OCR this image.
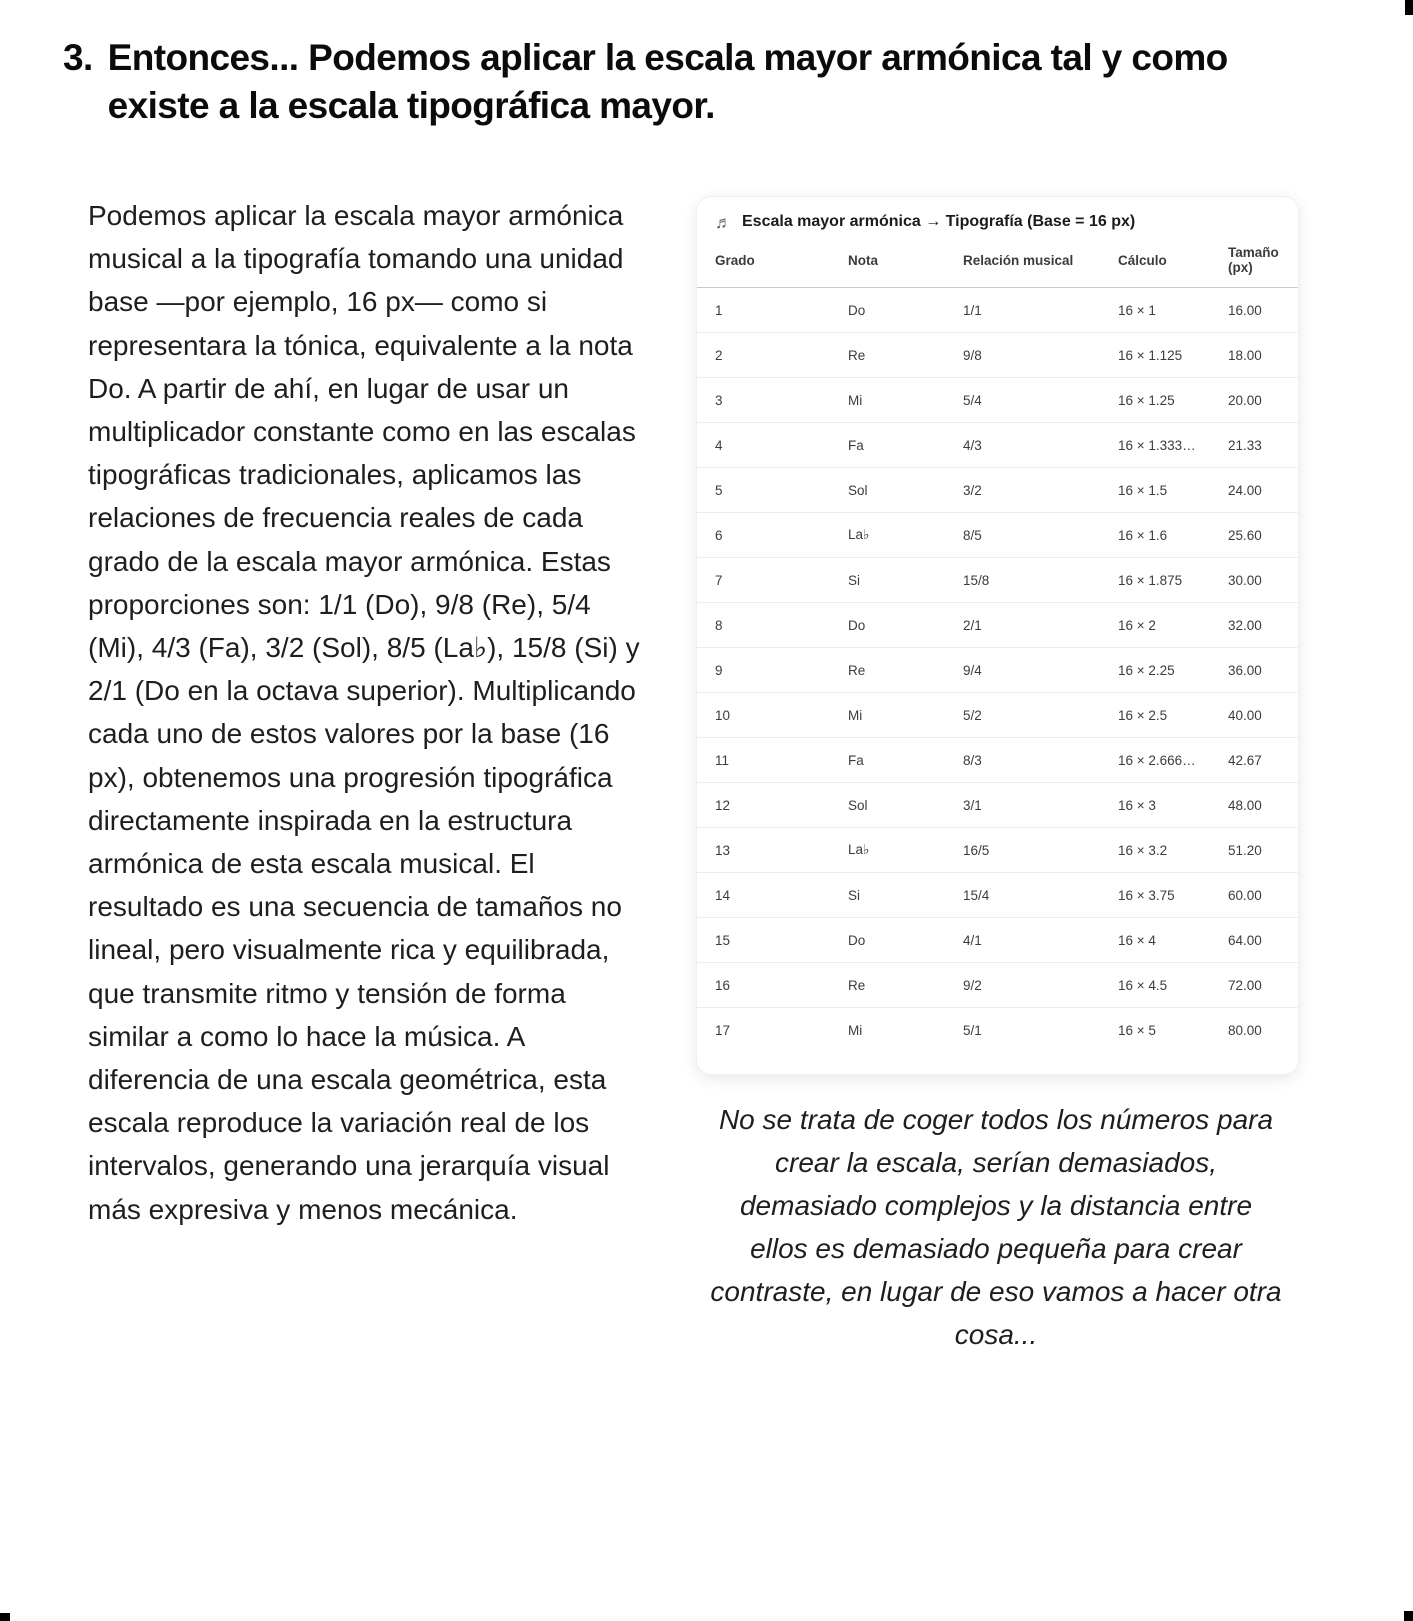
3. Entonces... Podemos aplicar la escala mayor armónica tal y como existe a la escala tipográfica mayor.
Podemos aplicar la escala mayor armónica musical a la tipografía tomando una unidad base —por ejemplo, 16 px— como si representara la tónica, equivalente a la nota Do. A partir de ahí, en lugar de usar un multiplicador constante como en las escalas tipográficas tradicionales, aplicamos las relaciones de frecuencia reales de cada grado de la escala mayor armónica. Estas proporciones son: 1/1 (Do), 9/8 (Re), 5/4 (Mi), 4/3 (Fa), 3/2 (Sol), 8/5 (La♭), 15/8 (Si) y 2/1 (Do en la octava superior). Multiplicando cada uno de estos valores por la base (16 px), obtenemos una progresión tipográfica directamente inspirada en la estructura armónica de esta escala musical. El resultado es una secuencia de tamaños no lineal, pero visualmente rica y equilibrada, que transmite ritmo y tensión de forma similar a como lo hace la música. A diferencia de una escala geométrica, esta escala reproduce la variación real de los intervalos, generando una jerarquía visual más expresiva y menos mecánica.
♬ Escala mayor armónica → Tipografía (Base = 16 px)
Grado	Nota	Relación musical	Cálculo	Tamaño (px)
1	Do	1/1	16 × 1	16.00
2	Re	9/8	16 × 1.125	18.00
3	Mi	5/4	16 × 1.25	20.00
4	Fa	4/3	16 × 1.333…	21.33
5	Sol	3/2	16 × 1.5	24.00
6	La♭	8/5	16 × 1.6	25.60
7	Si	15/8	16 × 1.875	30.00
8	Do	2/1	16 × 2	32.00
9	Re	9/4	16 × 2.25	36.00
10	Mi	5/2	16 × 2.5	40.00
11	Fa	8/3	16 × 2.666…	42.67
12	Sol	3/1	16 × 3	48.00
13	La♭	16/5	16 × 3.2	51.20
14	Si	15/4	16 × 3.75	60.00
15	Do	4/1	16 × 4	64.00
16	Re	9/2	16 × 4.5	72.00
17	Mi	5/1	16 × 5	80.00
No se trata de coger todos los números para crear la escala, serían demasiados, demasiado complejos y la distancia entre ellos es demasiado pequeña para crear contraste, en lugar de eso vamos a hacer otra cosa...
